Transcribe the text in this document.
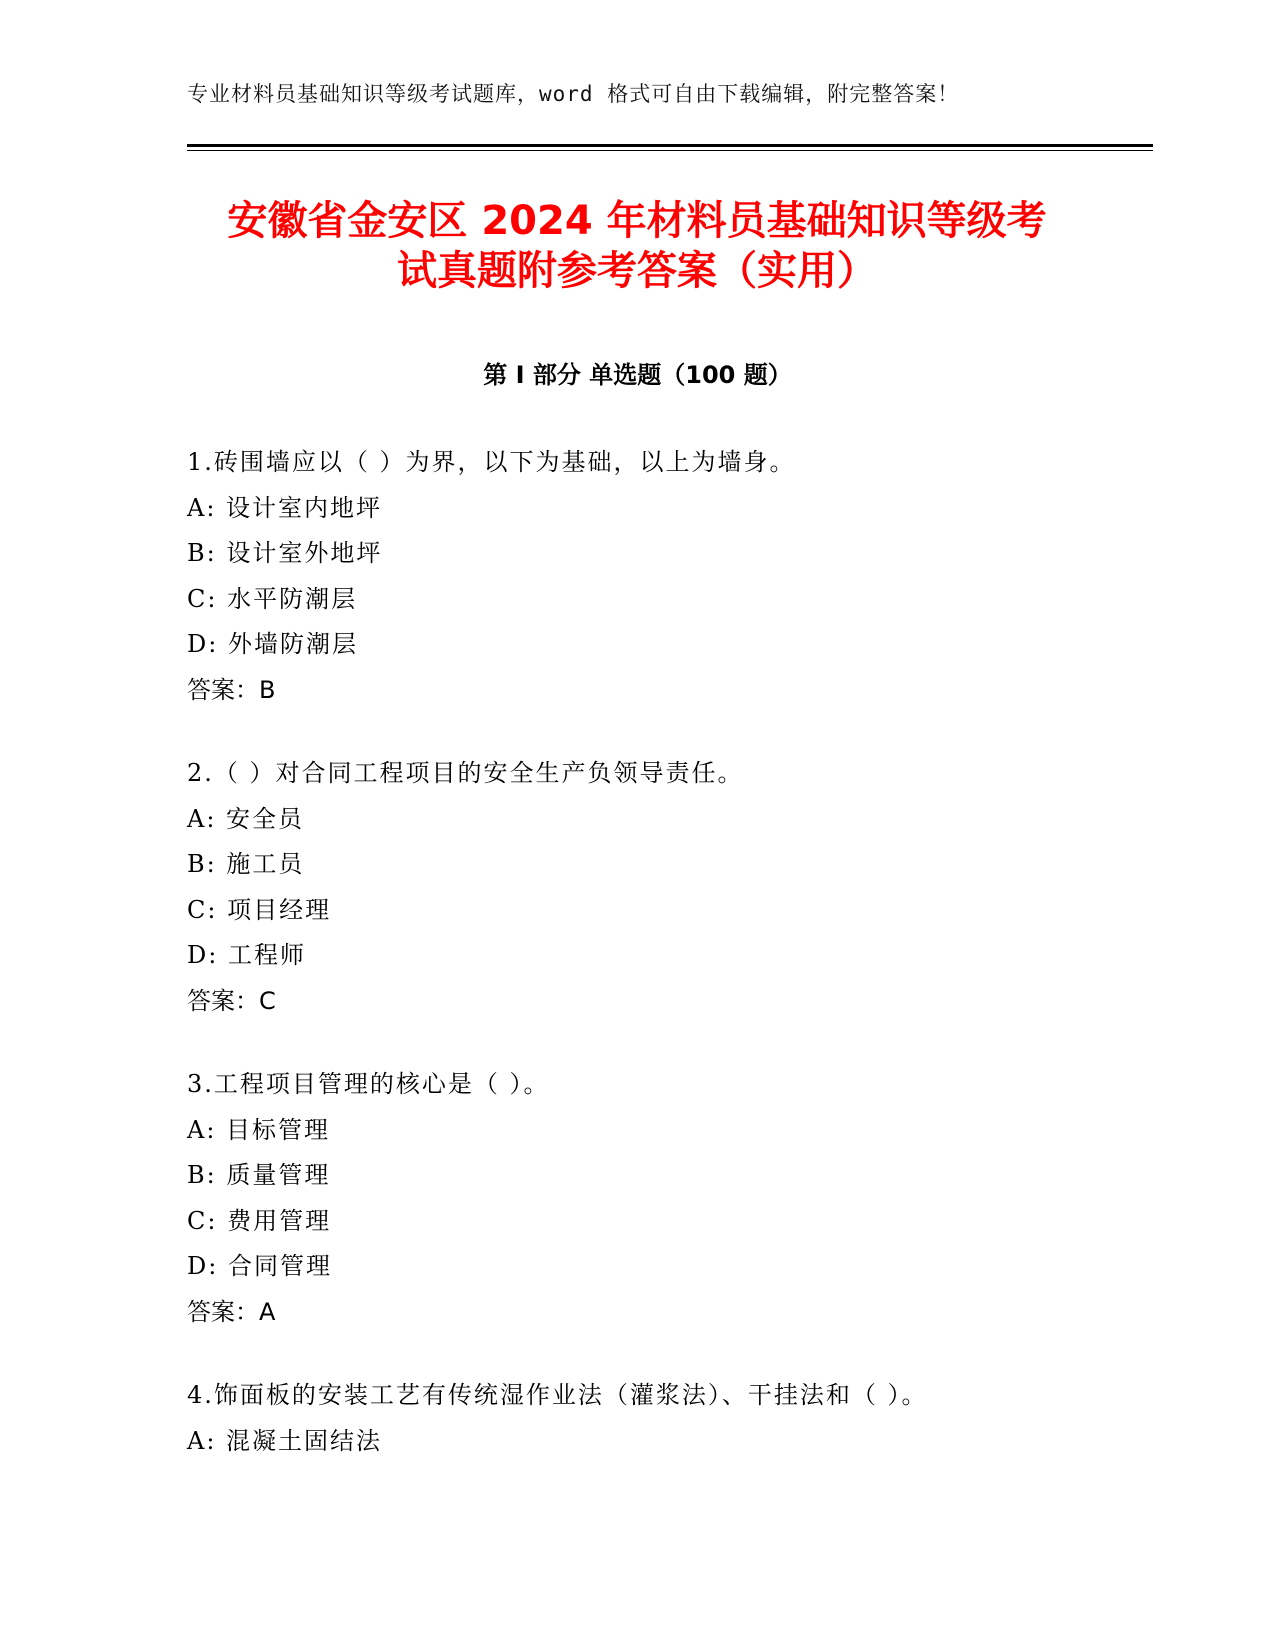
专业材料员基础知识等级考试题库，word 格式可自由下载编辑，附完整答案！
安徽省金安区 2024 年材料员基础知识等级考
试真题附参考答案（实用）
第 I 部分 单选题（100 题）
1.砖围墙应以（ ）为界，以下为基础，以上为墙身。
A: 设计室内地坪
B: 设计室外地坪
C: 水平防潮层
D: 外墙防潮层
答案：B
2.（ ）对合同工程项目的安全生产负领导责任。
A: 安全员
B: 施工员
C: 项目经理
D: 工程师
答案：C
3.工程项目管理的核心是（ ）。
A: 目标管理
B: 质量管理
C: 费用管理
D: 合同管理
答案：A
4.饰面板的安装工艺有传统湿作业法（灌浆法）、干挂法和（ ）。
A: 混凝土固结法
